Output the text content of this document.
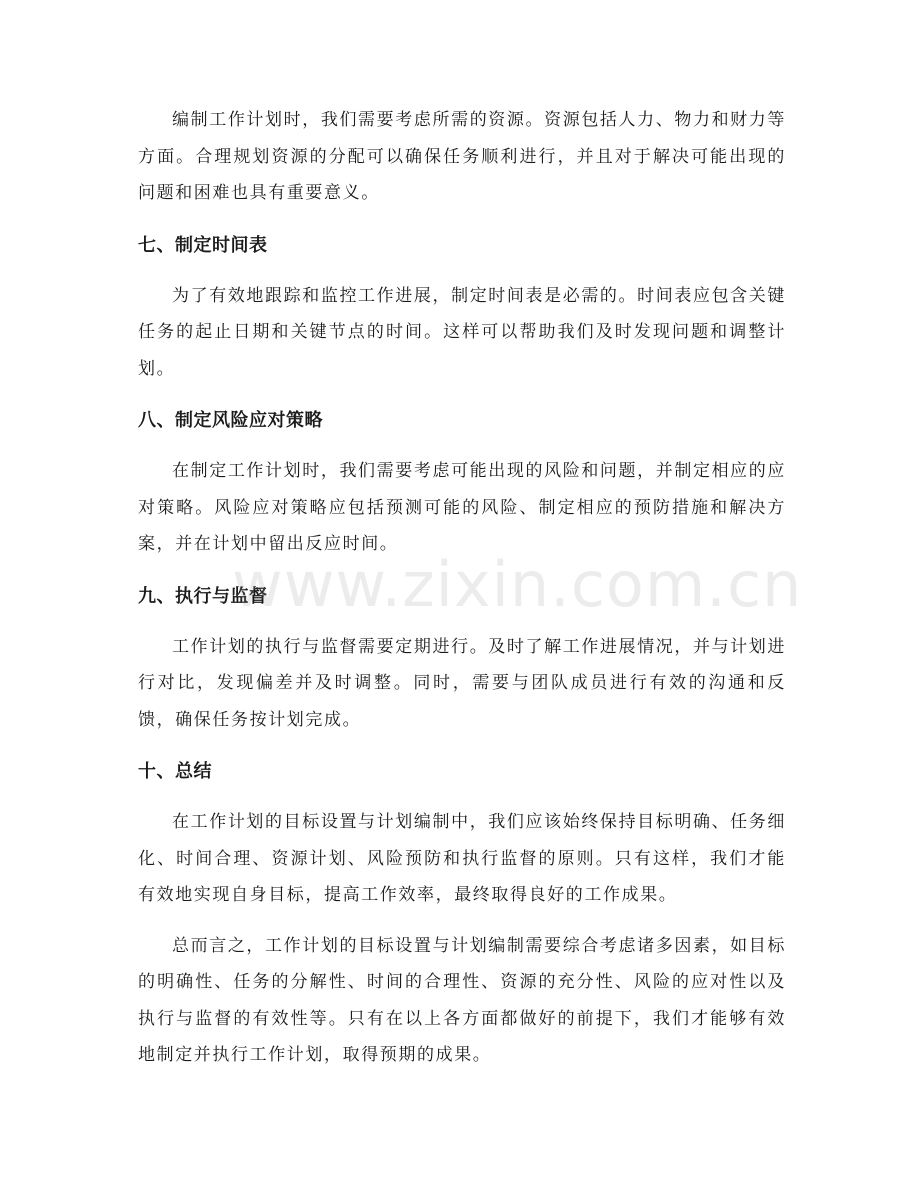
编制工作计划时，我们需要考虑所需的资源。资源包括人力、物力和财力等方面。合理规划资源的分配可以确保任务顺利进行，并且对于解决可能出现的问题和困难也具有重要意义。

七、制定时间表

为了有效地跟踪和监控工作进展，制定时间表是必需的。时间表应包含关键任务的起止日期和关键节点的时间。这样可以帮助我们及时发现问题和调整计划。

八、制定风险应对策略

在制定工作计划时，我们需要考虑可能出现的风险和问题，并制定相应的应对策略。风险应对策略应包括预测可能的风险、制定相应的预防措施和解决方案，并在计划中留出反应时间。

九、执行与监督

工作计划的执行与监督需要定期进行。及时了解工作进展情况，并与计划进行对比，发现偏差并及时调整。同时，需要与团队成员进行有效的沟通和反馈，确保任务按计划完成。

十、总结

在工作计划的目标设置与计划编制中，我们应该始终保持目标明确、任务细化、时间合理、资源计划、风险预防和执行监督的原则。只有这样，我们才能有效地实现自身目标，提高工作效率，最终取得良好的工作成果。

总而言之，工作计划的目标设置与计划编制需要综合考虑诸多因素，如目标的明确性、任务的分解性、时间的合理性、资源的充分性、风险的应对性以及执行与监督的有效性等。只有在以上各方面都做好的前提下，我们才能够有效地制定并执行工作计划，取得预期的成果。

www.zixin.com.cn
